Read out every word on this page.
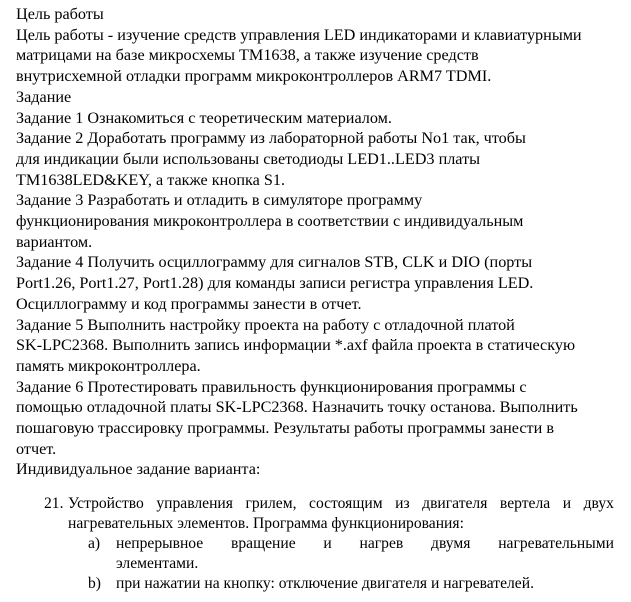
Цель работы
Цель работы - изучение средств управления LED индикаторами и клавиатурными
матрицами на базе микросхемы TM1638, а также изучение средств
внутрисхемной отладки программ микроконтроллеров ARM7 TDMI.
Задание
Задание 1 Ознакомиться с теоретическим материалом.
Задание 2 Доработать программу из лабораторной работы No1 так, чтобы
для индикации были использованы светодиоды LED1..LED3 платы
TM1638LED&KEY, а также кнопка S1.
Задание 3 Разработать и отладить в симуляторе программу
функционирования микроконтроллера в соответствии с индивидуальным
вариантом.
Задание 4 Получить осциллограмму для сигналов STB, CLK и DIO (порты
Port1.26, Port1.27, Port1.28) для команды записи регистра управления LED.
Осциллограмму и код программы занести в отчет.
Задание 5 Выполнить настройку проекта на работу с отладочной платой
SK-LPC2368. Выполнить запись информации *.axf файла проекта в статическую
память микроконтроллера.
Задание 6 Протестировать правильность функционирования программы с
помощью отладочной платы SK-LPC2368. Назначить точку останова. Выполнить
пошаговую трассировку программы. Результаты работы программы занести в
отчет.
Индивидуальное задание варианта:
21. Устройство управления грилем, состоящим из двигателя вертела и двух
нагревательных элементов. Программа функционирования:
a) непрерывное вращение и нагрев двумя нагревательными
элементами.
b) при нажатии на кнопку: отключение двигателя и нагревателей.
